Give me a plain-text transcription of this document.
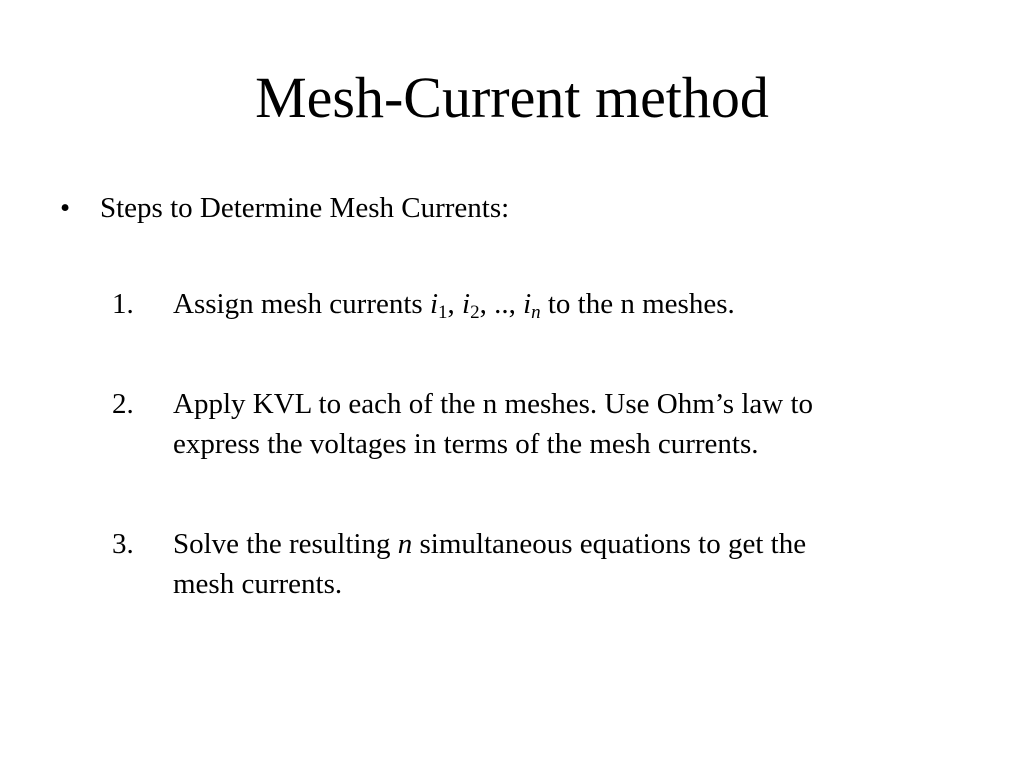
Mesh-Current method
• Steps to Determine Mesh Currents:
1.	Assign mesh currents $i_1$, $i_2$, .., $i_n$ to the n meshes.
2.	Apply KVL to each of the n meshes. Use Ohm’s law to
express the voltages in terms of the mesh currents.
3.	Solve the resulting n simultaneous equations to get the
mesh currents.
